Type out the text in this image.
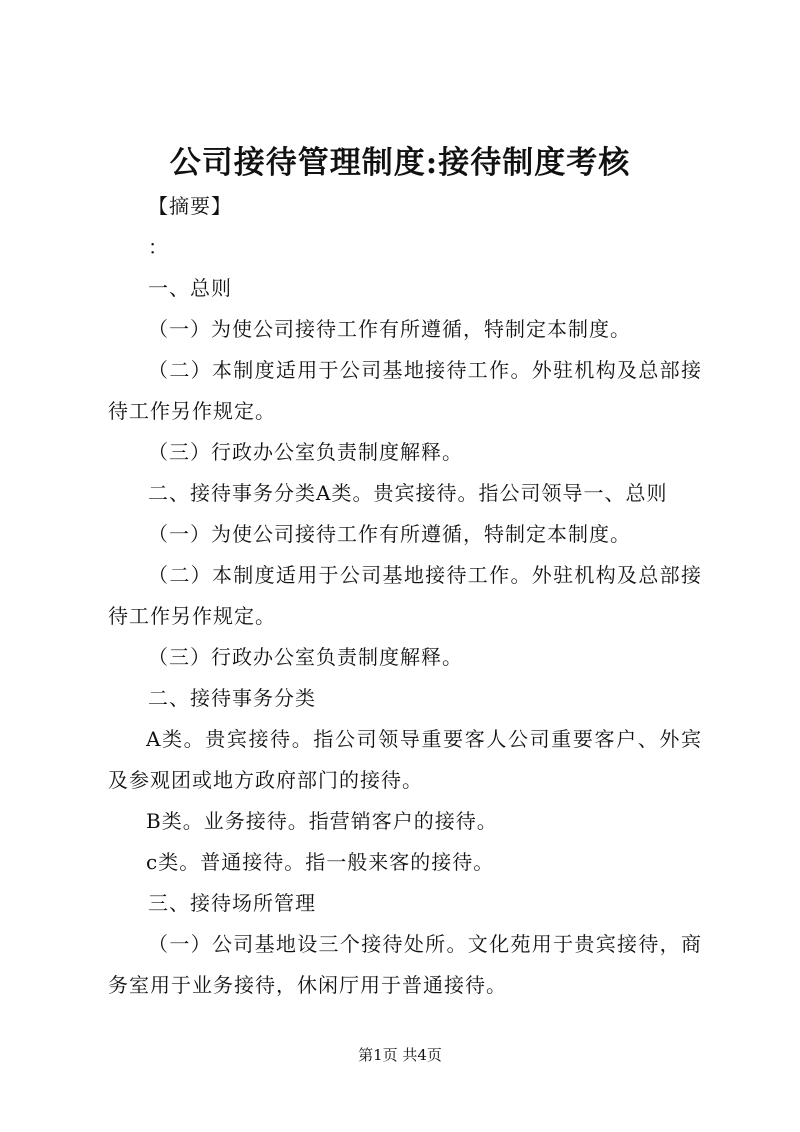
公司接待管理制度:接待制度考核

【摘要】

：

一、总则

（一）为使公司接待工作有所遵循，特制定本制度。

（二）本制度适用于公司基地接待工作。外驻机构及总部接待工作另作规定。

（三）行政办公室负责制度解释。

二、接待事务分类A类。贵宾接待。指公司领导一、总则

（一）为使公司接待工作有所遵循，特制定本制度。

（二）本制度适用于公司基地接待工作。外驻机构及总部接待工作另作规定。

（三）行政办公室负责制度解释。

二、接待事务分类

A类。贵宾接待。指公司领导重要客人公司重要客户、外宾及参观团或地方政府部门的接待。

B类。业务接待。指营销客户的接待。

c类。普通接待。指一般来客的接待。

三、接待场所管理

（一）公司基地设三个接待处所。文化苑用于贵宾接待，商务室用于业务接待，休闲厅用于普通接待。

第1页 共4页
